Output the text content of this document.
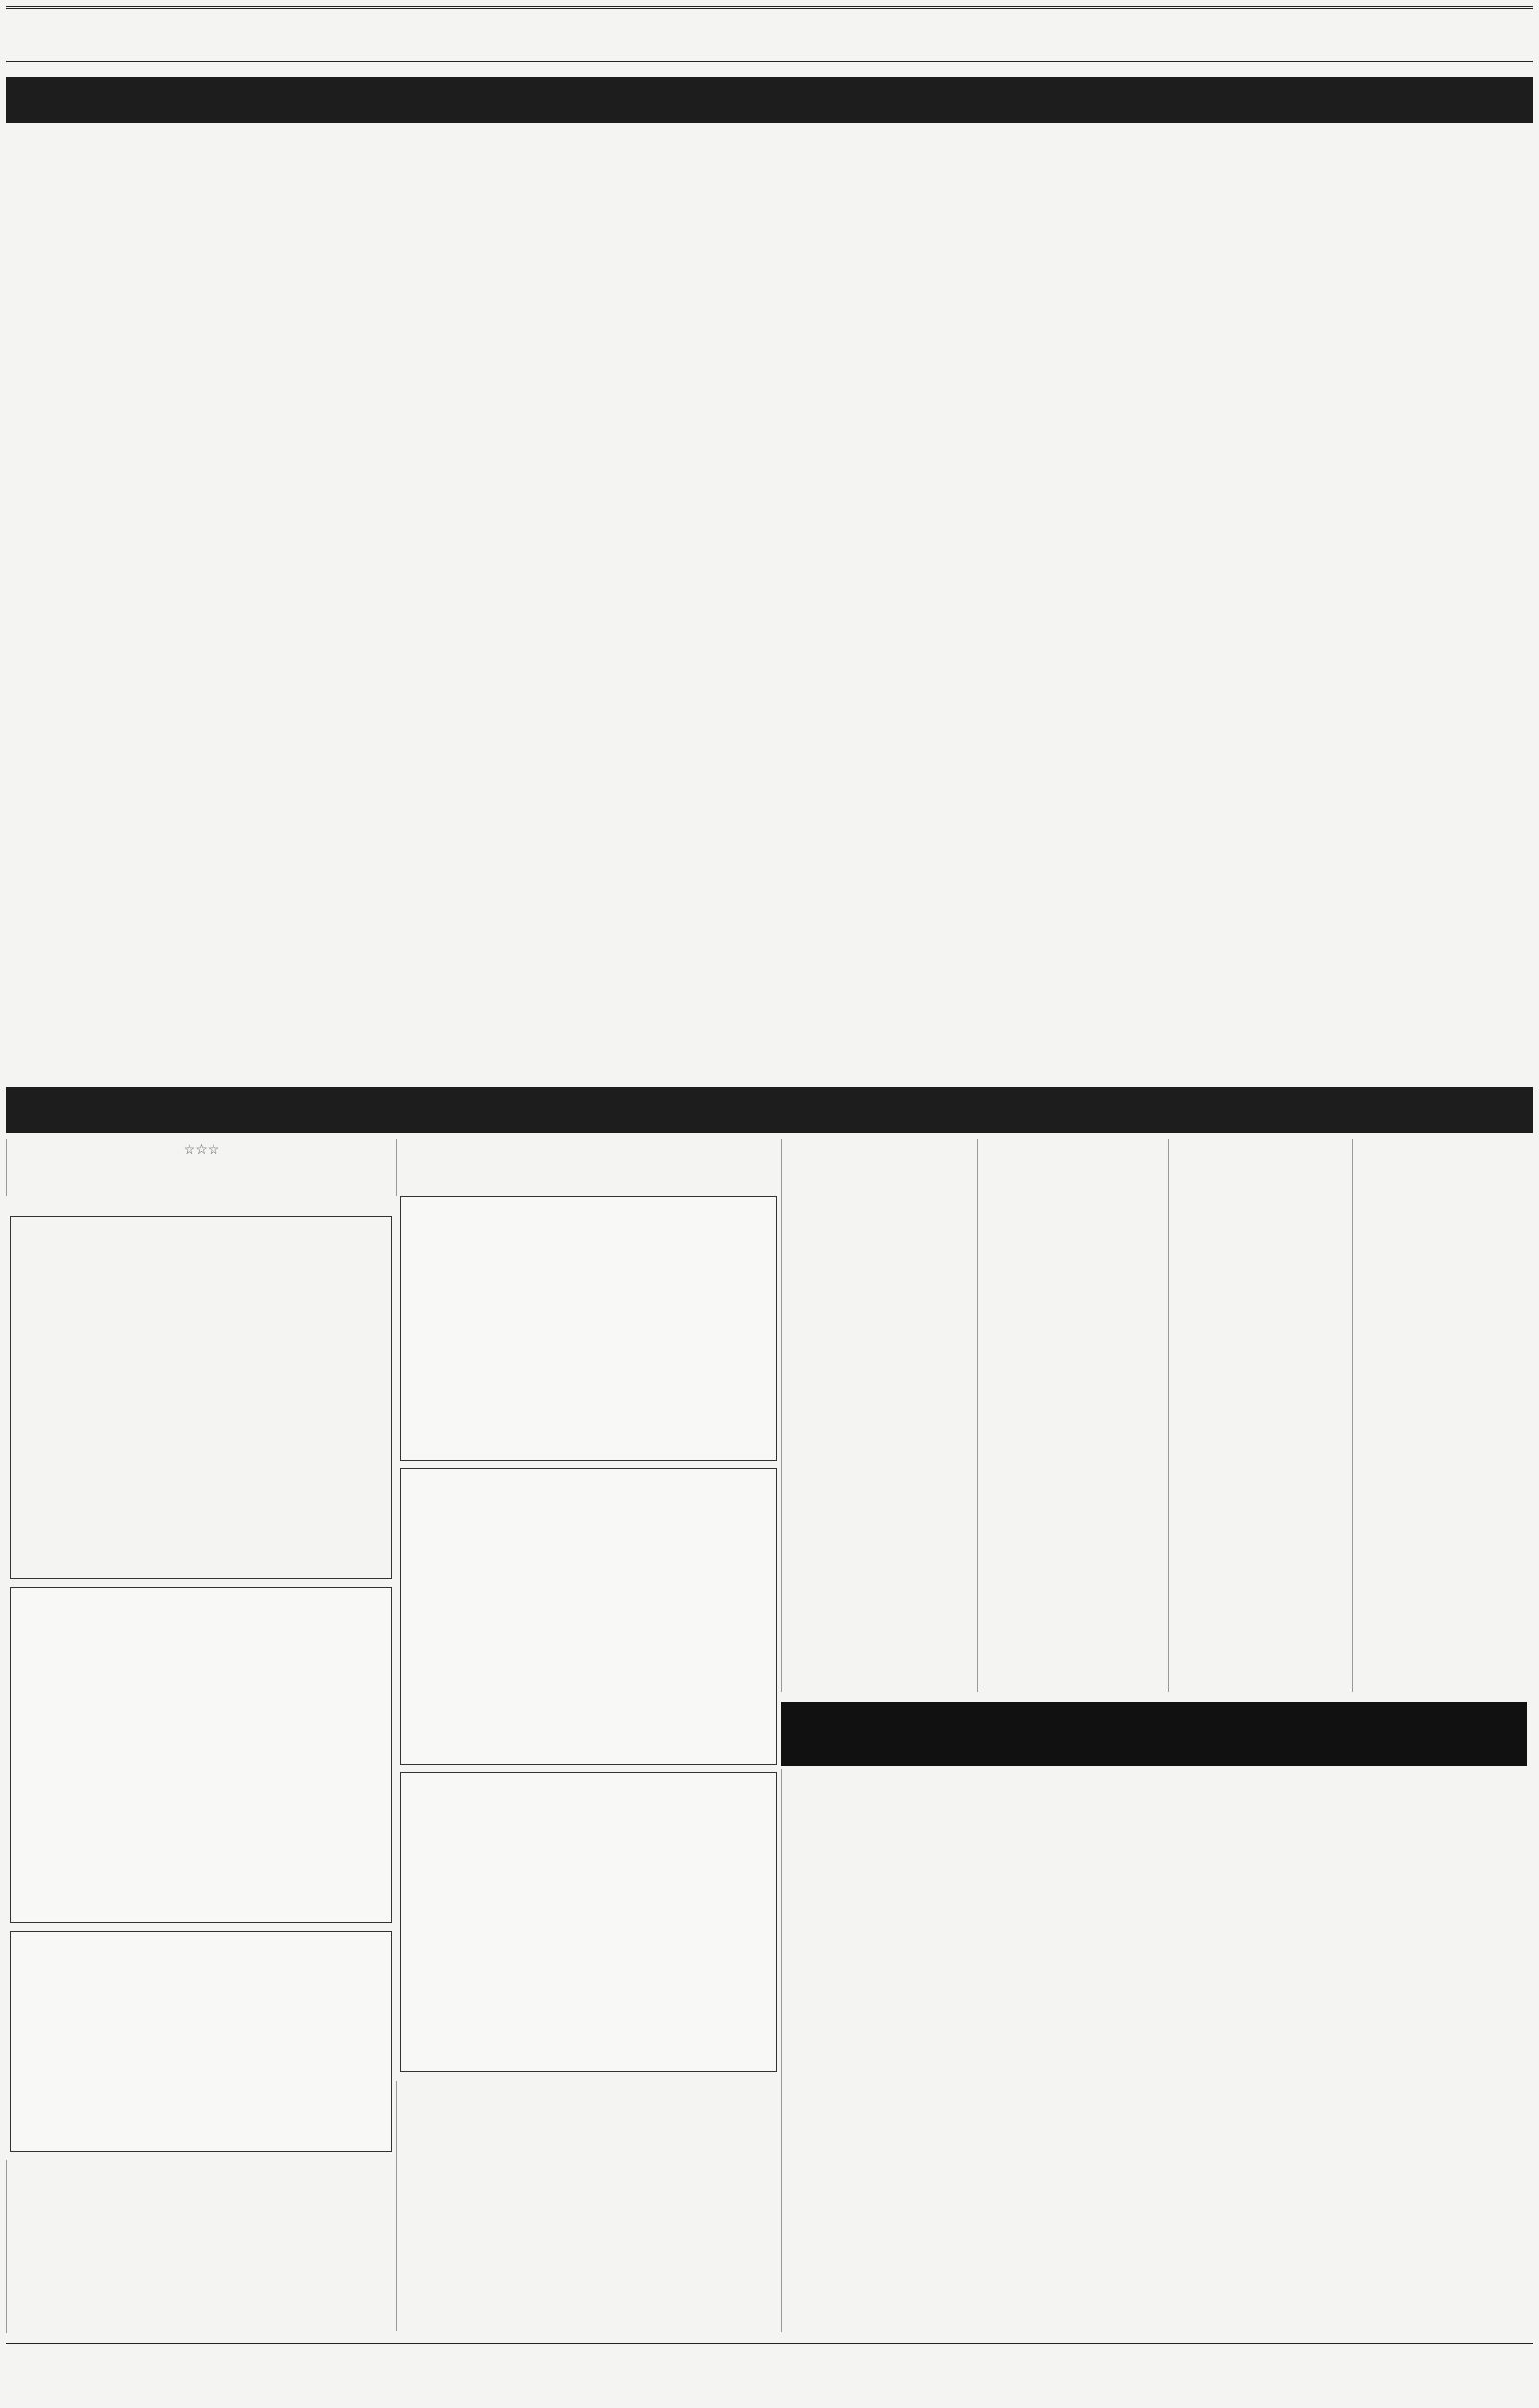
☆☆☆
